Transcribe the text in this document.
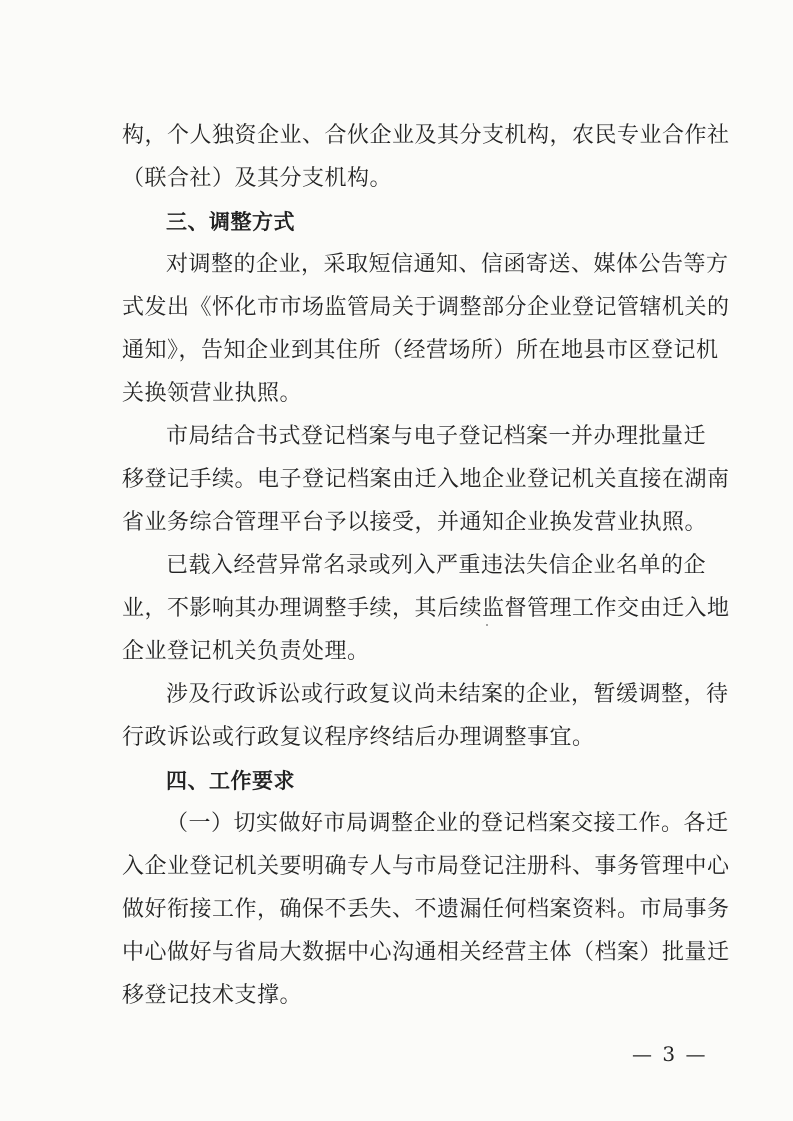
构，个人独资企业、合伙企业及其分支机构，农民专业合作社
（联合社）及其分支机构。
三、调整方式
对调整的企业，采取短信通知、信函寄送、媒体公告等方
式发出《怀化市市场监管局关于调整部分企业登记管辖机关的
通知》，告知企业到其住所（经营场所）所在地县市区登记机
关换领营业执照。
市局结合书式登记档案与电子登记档案一并办理批量迁
移登记手续。电子登记档案由迁入地企业登记机关直接在湖南
省业务综合管理平台予以接受，并通知企业换发营业执照。
已载入经营异常名录或列入严重违法失信企业名单的企
业，不影响其办理调整手续，其后续监督管理工作交由迁入地
企业登记机关负责处理。
涉及行政诉讼或行政复议尚未结案的企业，暂缓调整，待
行政诉讼或行政复议程序终结后办理调整事宜。
四、工作要求
（一）切实做好市局调整企业的登记档案交接工作。各迁
入企业登记机关要明确专人与市局登记注册科、事务管理中心
做好衔接工作，确保不丢失、不遗漏任何档案资料。市局事务
中心做好与省局大数据中心沟通相关经营主体（档案）批量迁
移登记技术支撑。
— 3 —
